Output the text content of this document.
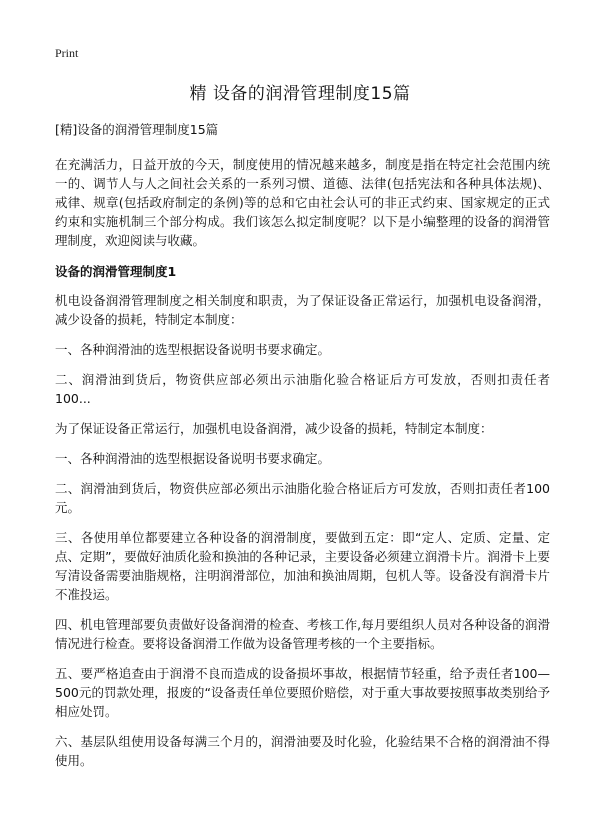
Print
精 设备的润滑管理制度15篇
[精]设备的润滑管理制度15篇

在充满活力，日益开放的今天，制度使用的情况越来越多，制度是指在特定社会范围内统一的、调节人与人之间社会关系的一系列习惯、道德、法律(包括宪法和各种具体法规)、戒律、规章(包括政府制定的条例)等的总和它由社会认可的非正式约束、国家规定的正式约束和实施机制三个部分构成。我们该怎么拟定制度呢？以下是小编整理的设备的润滑管理制度，欢迎阅读与收藏。

设备的润滑管理制度1

机电设备润滑管理制度之相关制度和职责，为了保证设备正常运行，加强机电设备润滑，减少设备的损耗，特制定本制度：

一、各种润滑油的选型根据设备说明书要求确定。

二、润滑油到货后，物资供应部必须出示油脂化验合格证后方可发放，否则扣责任者100...

为了保证设备正常运行，加强机电设备润滑，减少设备的损耗，特制定本制度：

一、各种润滑油的选型根据设备说明书要求确定。

二、润滑油到货后，物资供应部必须出示油脂化验合格证后方可发放，否则扣责任者100元。

三、各使用单位都要建立各种设备的润滑制度，要做到五定：即“定人、定质、定量、定点、定期”，要做好油质化验和换油的各种记录，主要设备必须建立润滑卡片。润滑卡上要写清设备需要油脂规格，注明润滑部位，加油和换油周期，包机人等。设备没有润滑卡片不准投运。

四、机电管理部要负责做好设备润滑的检查、考核工作,每月要组织人员对各种设备的润滑情况进行检查。要将设备润滑工作做为设备管理考核的一个主要指标。

五、要严格追查由于润滑不良而造成的设备损坏事故，根据情节轻重，给予责任者100—500元的罚款处理，报废的“设备责任单位要照价赔偿，对于重大事故要按照事故类别给予相应处罚。

六、基层队组使用设备每满三个月的，润滑油要及时化验，化验结果不合格的润滑油不得使用。
